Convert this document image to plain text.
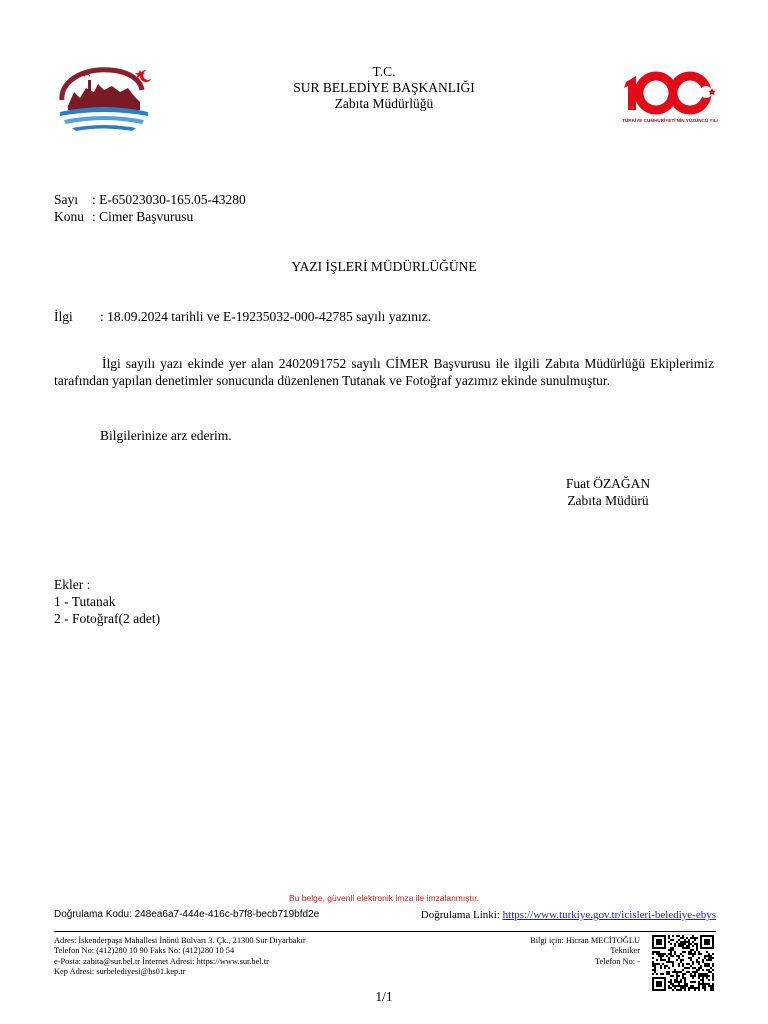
TÜRKİYE CUMHURİYETİ'NİN YÜZÜNCÜ YILI
T.C.
SUR BELEDİYE BAŞKANLIĞI
Zabıta Müdürlüğü
Sayı : E-65023030-165.05-43280
Konu : Cimer Başvurusu
YAZI İŞLERİ MÜDÜRLÜĞÜNE
İlgi : 18.09.2024 tarihli ve E-19235032-000-42785 sayılı yazınız.
İlgi sayılı yazı ekinde yer alan 2402091752 sayılı CİMER Başvurusu ile ilgili Zabıta Müdürlüğü Ekiplerimiz tarafından yapılan denetimler sonucunda düzenlenen Tutanak ve Fotoğraf yazımız ekinde sunulmuştur.
Bilgilerinize arz ederim.
Fuat ÖZAĞAN
Zabıta Müdürü
Ekler :
1 - Tutanak
2 - Fotoğraf(2 adet)
Bu belge, güvenli elektronik imza ile imzalanmıştır.
Doğrulama Kodu: 248ea6a7-444e-416c-b7f8-becb719bfd2e	Doğrulama Linki: https://www.turkiye.gov.tr/icisleri-belediye-ebys
Adres: İskenderpaşa Mahallesi İnönü Bulvarı 3. Çk., 21300 Sur Diyarbakır
Telefon No: (412)280 10 90 Faks No: (412)280 10 54
e-Posta: zabita@sur.bel.tr İnternet Adresi: https://www.sur.bel.tr
Kep Adresi: surbelediyesi@hs01.kep.tr
Bilgi için: Hicran MECİTOĞLU
Tekniker
Telefon No: -
1/1
